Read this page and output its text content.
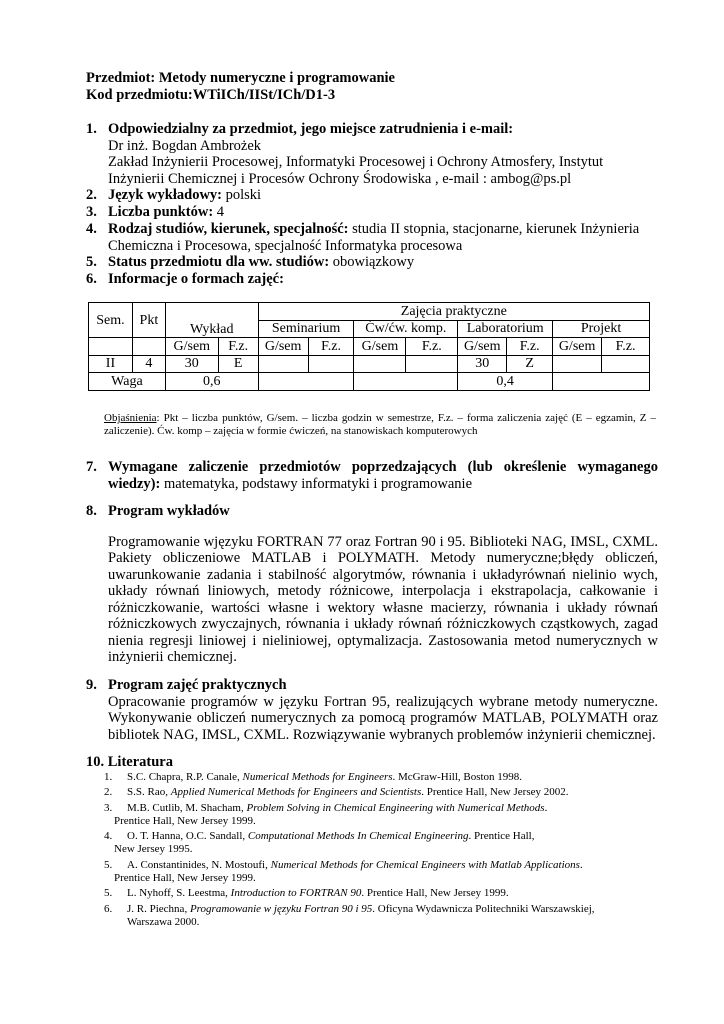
Przedmiot: Metody numeryczne i programowanie
Kod przedmiotu:WTiICh/IISt/ICh/D1-3
1. Odpowiedzialny za przedmiot, jego miejsce zatrudnienia i e-mail:
Dr inż. Bogdan Ambrożek
Zakład Inżynierii Procesowej, Informatyki Procesowej i Ochrony Atmosfery, Instytut
Inżynierii Chemicznej i Procesów Ochrony Środowiska , e-mail : ambog@ps.pl
2. Język wykładowy: polski
3. Liczba punktów: 4
4. Rodzaj studiów, kierunek, specjalność: studia II stopnia, stacjonarne, kierunek Inżynieria
Chemiczna i Procesowa, specjalność Informatyka procesowa
5. Status przedmiotu dla ww. studiów: obowiązkowy
6. Informacje o formach zajęć:
Sem.	Pkt	Wykład		Zajęcia praktyczne							
				Seminarium		Ćw/ćw. komp.		Laboratorium		Projekt	
		G/sem	F.z.	G/sem	F.z.	G/sem	F.z.	G/sem	F.z.	G/sem	F.z.
II	4	30	E					30	Z		
Waga		0,6						0,4			
Objaśnienia: Pkt – liczba punktów, G/sem. – liczba godzin w semestrze, F.z. – forma zaliczenia zajęć (E – egzamin, Z – zaliczenie). Ćw. komp – zajęcia w formie ćwiczeń, na stanowiskach komputerowych
7. Wymagane zaliczenie przedmiotów poprzedzających (lub określenie wymaganego wiedzy): matematyka, podstawy informatyki i programowanie
8. Program wykładów
Programowanie wjęzyku FORTRAN 77 oraz Fortran 90 i 95. Biblioteki NAG, IMSL, CXML. Pakiety obliczeniowe MATLAB i POLYMATH. Metody numeryczne;błędy obliczeń, uwarunkowanie zadania i stabilność algorytmów, równania i układyrównań nielinio wych, układy równań liniowych, metody różnicowe, interpolacja i ekstrapolacja, całkowanie i różniczkowanie, wartości własne i wektory własne macierzy, równania i układy równań różniczkowych zwyczajnych, równania i układy równań różniczkowych cząstkowych, zagad nienia regresji liniowej i nieliniowej, optymalizacja. Zastosowania metod numerycznych w inżynierii chemicznej.
9. Program zajęć praktycznych
Opracowanie programów w języku Fortran 95, realizujących wybrane metody numeryczne. Wykonywanie obliczeń numerycznych za pomocą programów MATLAB, POLYMATH oraz bibliotek NAG, IMSL, CXML. Rozwiązywanie wybranych problemów inżynierii chemicznej.
10. Literatura
1. S.C. Chapra, R.P. Canale, Numerical Methods for Engineers. McGraw-Hill, Boston 1998.
2. S.S. Rao, Applied Numerical Methods for Engineers and Scientists. Prentice Hall, New Jersey 2002.
3. M.B. Cutlib, M. Shacham, Problem Solving in Chemical Engineering with Numerical Methods.
Prentice Hall, New Jersey 1999.
4. O. T. Hanna, O.C. Sandall, Computational Methods In Chemical Engineering. Prentice Hall,
New Jersey 1995.
5. A. Constantinides, N. Mostoufi, Numerical Methods for Chemical Engineers with Matlab Applications.
Prentice Hall, New Jersey 1999.
5. L. Nyhoff, S. Leestma, Introduction to FORTRAN 90. Prentice Hall, New Jersey 1999.
6. J. R. Piechna, Programowanie w języku Fortran 90 i 95. Oficyna Wydawnicza Politechniki Warszawskiej,
Warszawa 2000.
